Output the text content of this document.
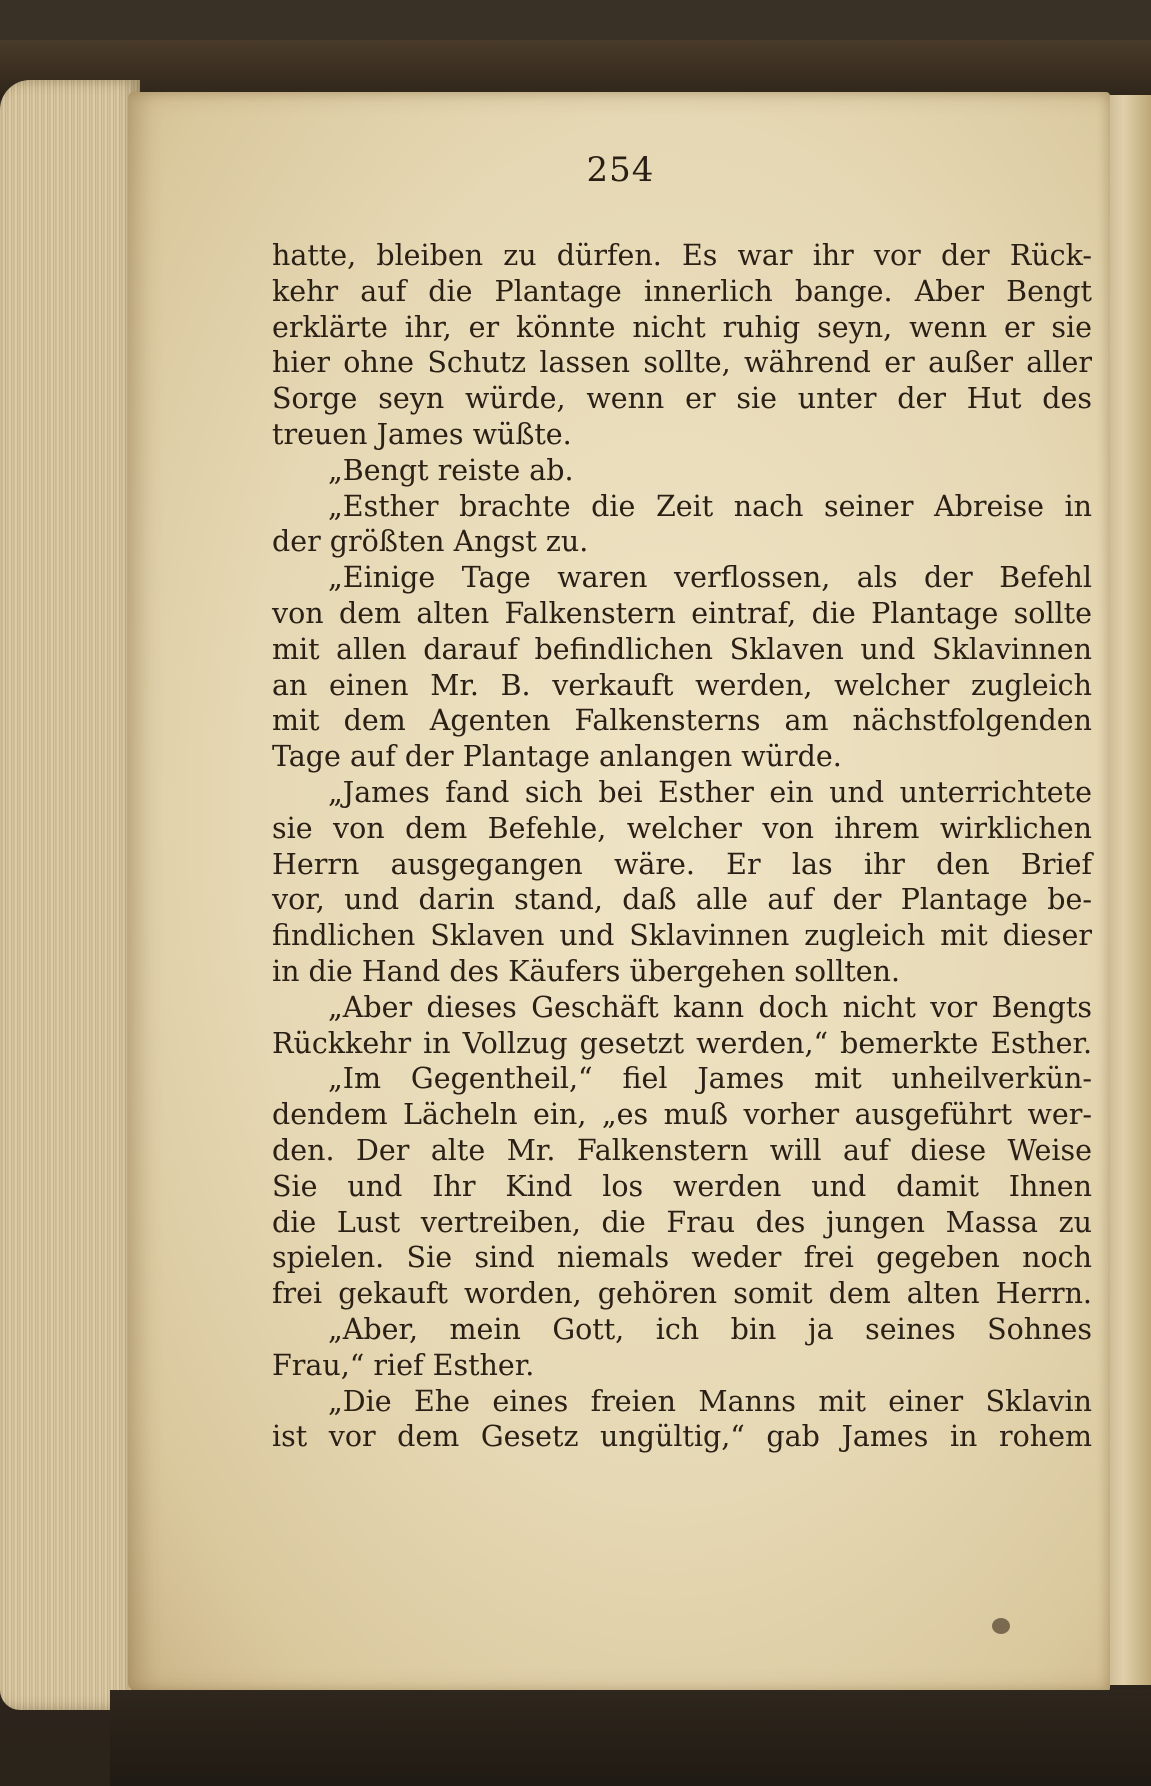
254
hatte, bleiben zu dürfen. Es war ihr vor der Rück-
kehr auf die Plantage innerlich bange. Aber Bengt
erklärte ihr, er könnte nicht ruhig seyn, wenn er sie
hier ohne Schutz lassen sollte, während er außer aller
Sorge seyn würde, wenn er sie unter der Hut des
treuen James wüßte.
„Bengt reiste ab.
„Esther brachte die Zeit nach seiner Abreise in
der größten Angst zu.
„Einige Tage waren verflossen, als der Befehl
von dem alten Falkenstern eintraf, die Plantage sollte
mit allen darauf befindlichen Sklaven und Sklavinnen
an einen Mr. B. verkauft werden, welcher zugleich
mit dem Agenten Falkensterns am nächstfolgenden
Tage auf der Plantage anlangen würde.
„James fand sich bei Esther ein und unterrichtete
sie von dem Befehle, welcher von ihrem wirklichen
Herrn ausgegangen wäre. Er las ihr den Brief
vor, und darin stand, daß alle auf der Plantage be-
findlichen Sklaven und Sklavinnen zugleich mit dieser
in die Hand des Käufers übergehen sollten.
„Aber dieses Geschäft kann doch nicht vor Bengts
Rückkehr in Vollzug gesetzt werden,“ bemerkte Esther.
„Im Gegentheil,“ fiel James mit unheilverkün-
dendem Lächeln ein, „es muß vorher ausgeführt wer-
den. Der alte Mr. Falkenstern will auf diese Weise
Sie und Ihr Kind los werden und damit Ihnen
die Lust vertreiben, die Frau des jungen Massa zu
spielen. Sie sind niemals weder frei gegeben noch
frei gekauft worden, gehören somit dem alten Herrn.
„Aber, mein Gott, ich bin ja seines Sohnes
Frau,“ rief Esther.
„Die Ehe eines freien Manns mit einer Sklavin
ist vor dem Gesetz ungültig,“ gab James in rohem
